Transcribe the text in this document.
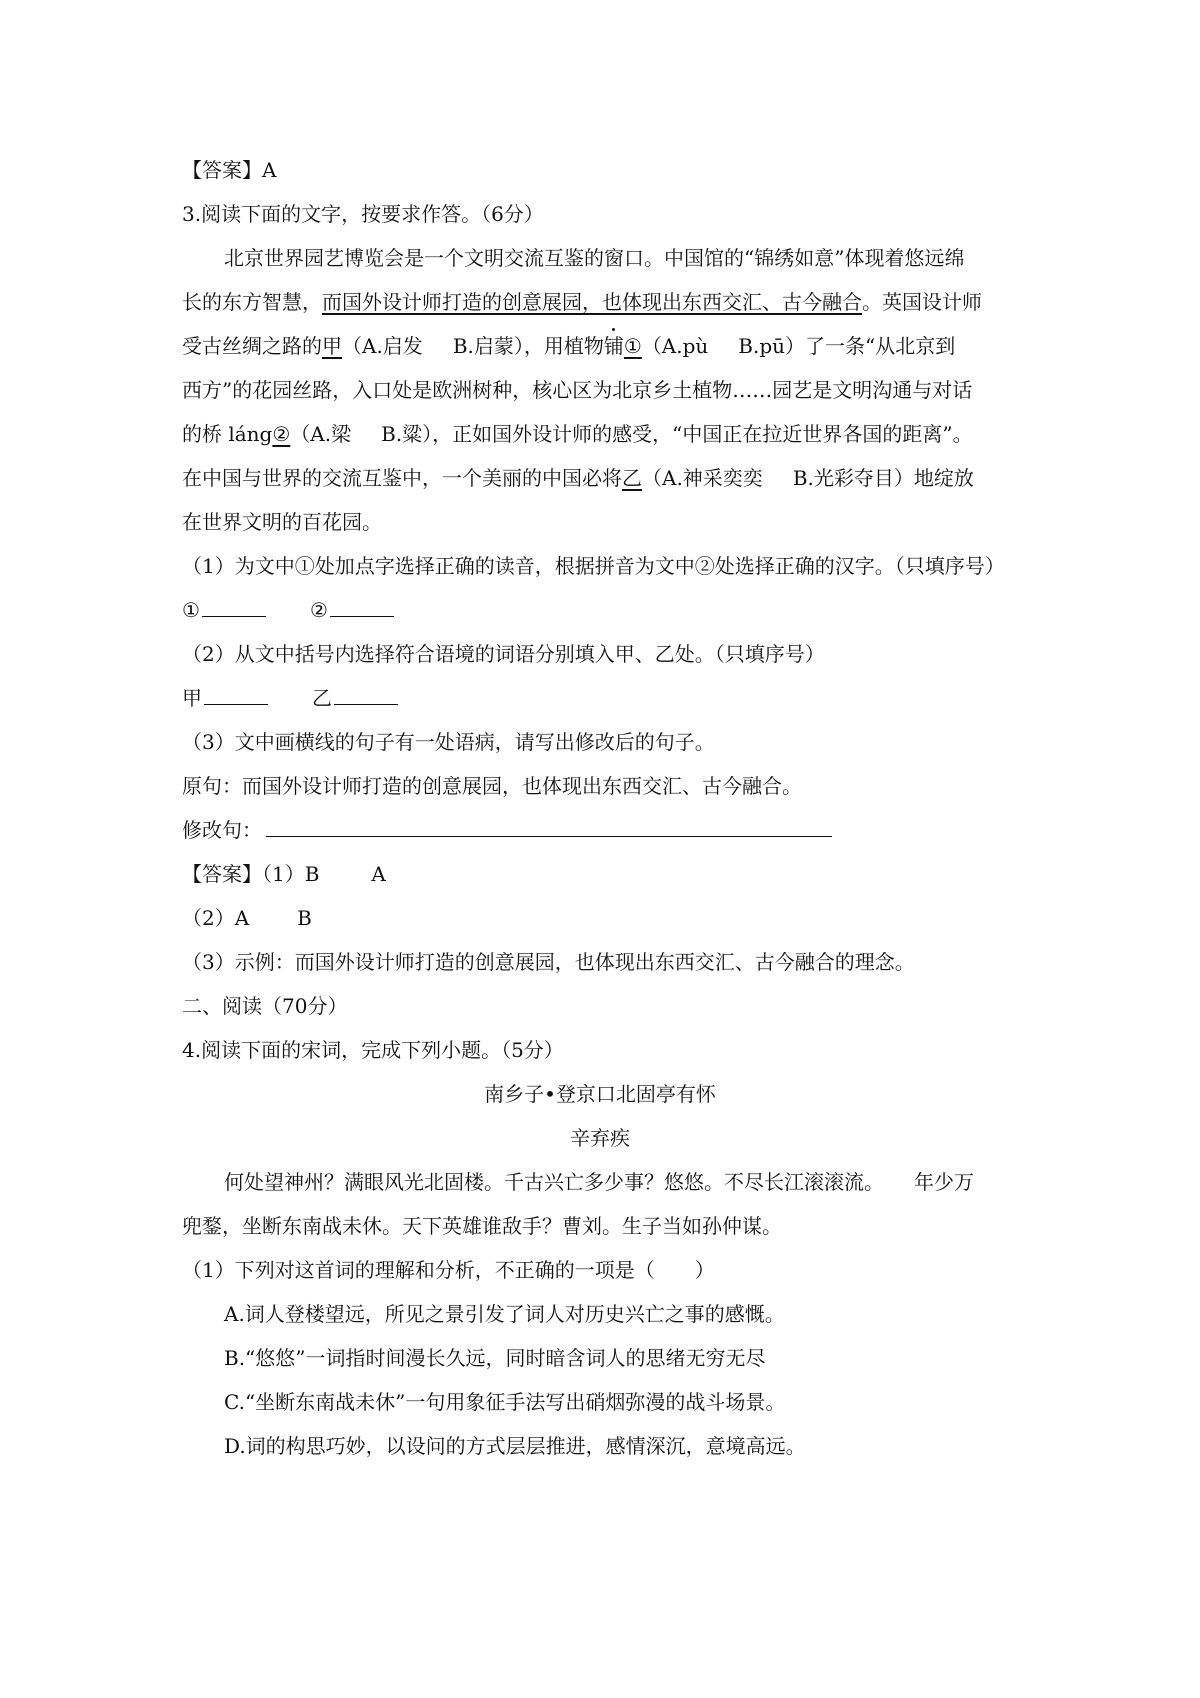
【答案】A
3.阅读下面的文字，按要求作答。（6分）
北京世界园艺博览会是一个文明交流互鉴的窗口。中国馆的“锦绣如意”体现着悠远绵
长的东方智慧，而国外设计师打造的创意展园，也体现出东西交汇、古今融合。英国设计师
受古丝绸之路的甲（A.启发 B.启蒙），用植物铺①（A.pù B.pū）了一条“从北京到
西方”的花园丝路，入口处是欧洲树种，核心区为北京乡土植物……园艺是文明沟通与对话
的桥 láng②（A.梁 B.粱），正如国外设计师的感受，“中国正在拉近世界各国的距离”。
在中国与世界的交流互鉴中，一个美丽的中国必将乙（A.神采奕奕 B.光彩夺目）地绽放
在世界文明的百花园。
（1）为文中①处加点字选择正确的读音，根据拼音为文中②处选择正确的汉字。（只填序号）
①	②
（2）从文中括号内选择符合语境的词语分别填入甲、乙处。（只填序号）
甲	乙
（3）文中画横线的句子有一处语病，请写出修改后的句子。
原句：而国外设计师打造的创意展园，也体现出东西交汇、古今融合。
修改句：
【答案】（1）B	A
（2）A B
（3）示例：而国外设计师打造的创意展园，也体现出东西交汇、古今融合的理念。
二、阅读（70分）
4.阅读下面的宋词，完成下列小题。（5分）
南乡子•登京口北固亭有怀
辛弃疾
何处望神州？满眼风光北固楼。千古兴亡多少事？悠悠。不尽长江滚滚流。　　年少万
兜鍪，坐断东南战未休。天下英雄谁敌手？曹刘。生子当如孙仲谋。
（1）下列对这首词的理解和分析，不正确的一项是（　　）
A.词人登楼望远，所见之景引发了词人对历史兴亡之事的感慨。
B.“悠悠”一词指时间漫长久远，同时暗含词人的思绪无穷无尽
C.“坐断东南战未休”一句用象征手法写出硝烟弥漫的战斗场景。
D.词的构思巧妙，以设问的方式层层推进，感情深沉，意境高远。
